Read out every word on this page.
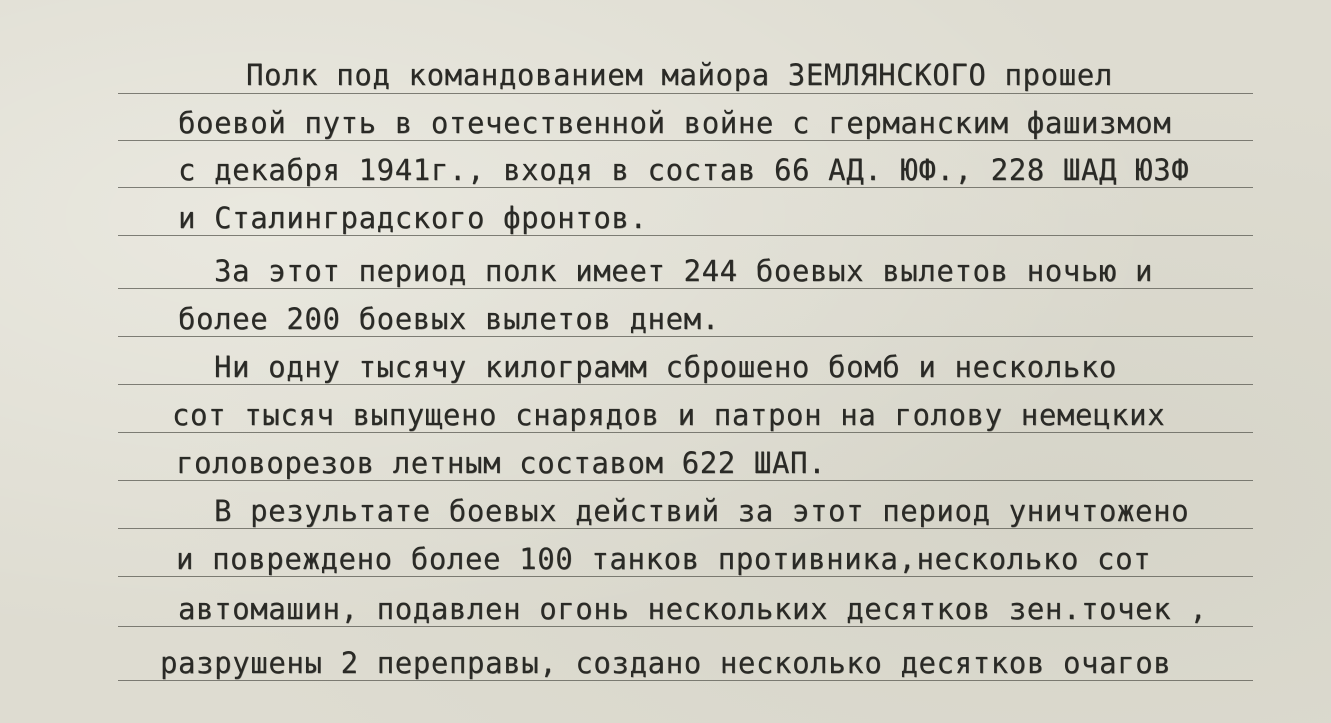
Полк под командованием майора ЗЕМЛЯНСКОГО прошел
боевой путь в отечественной войне с германским фашизмом
с декабря 1941г., входя в состав 66 АД. ЮФ., 228 ШАД ЮЗФ
и Сталинградского фронтов.
За этот период полк имеет 244 боевых вылетов ночью и
более 200 боевых вылетов днем.
Ни одну тысячу килограмм сброшено бомб и несколько
сот тысяч выпущено снарядов и патрон на голову немецких
головорезов летным составом 622 ШАП.
В результате боевых действий за этот период уничтожено
и повреждено более 100 танков противника,несколько сот
автомашин, подавлен огонь нескольких десятков зен.точек ,
разрушены 2 переправы, создано несколько десятков очагов
